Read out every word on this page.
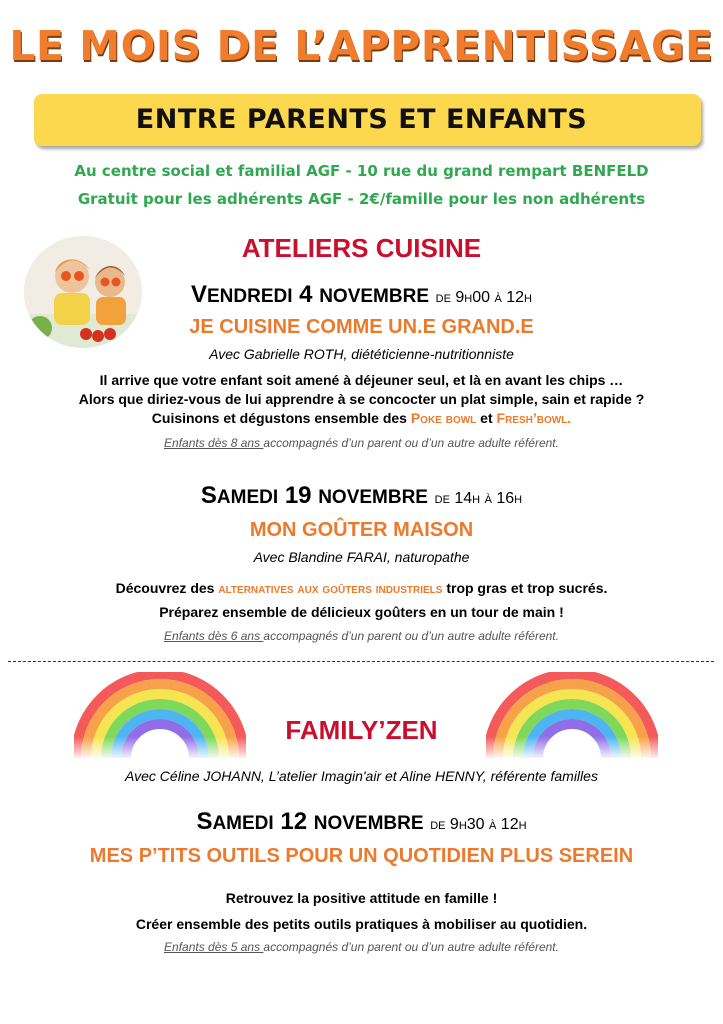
LE MOIS DE L’APPRENTISSAGE
ENTRE PARENTS ET ENFANTS
Au centre social et familial AGF - 10 rue du grand rempart BENFELD
Gratuit pour les adhérents AGF - 2€/famille pour les non adhérents
ATELIERS CUISINE
VENDREDI 4 NOVEMBRE de 9h00 à 12h
JE CUISINE COMME UN.E GRAND.E
Avec Gabrielle ROTH, diététicienne-nutritionniste
Il arrive que votre enfant soit amené à déjeuner seul, et là en avant les chips …
Alors que diriez-vous de lui apprendre à se concocter un plat simple, sain et rapide ?
Cuisinons et dégustons ensemble des Poke bowl et Fresh’bowl.
Enfants dès 8 ans accompagnés d’un parent ou d’un autre adulte référent.
SAMEDI 19 NOVEMBRE de 14h à 16h
MON GOÛTER MAISON
Avec Blandine FARAI, naturopathe
Découvrez des alternatives aux goûters industriels trop gras et trop sucrés.
Préparez ensemble de délicieux goûters en un tour de main !
Enfants dès 6 ans accompagnés d’un parent ou d’un autre adulte référent.
FAMILY’ZEN
Avec Céline JOHANN, L’atelier Imagin'air et Aline HENNY, référente familles
SAMEDI 12 NOVEMBRE de 9h30 à 12h
MES P’TITS OUTILS POUR UN QUOTIDIEN PLUS SEREIN
Retrouvez la positive attitude en famille !
Créer ensemble des petits outils pratiques à mobiliser au quotidien.
Enfants dès 5 ans accompagnés d’un parent ou d’un autre adulte référent.
